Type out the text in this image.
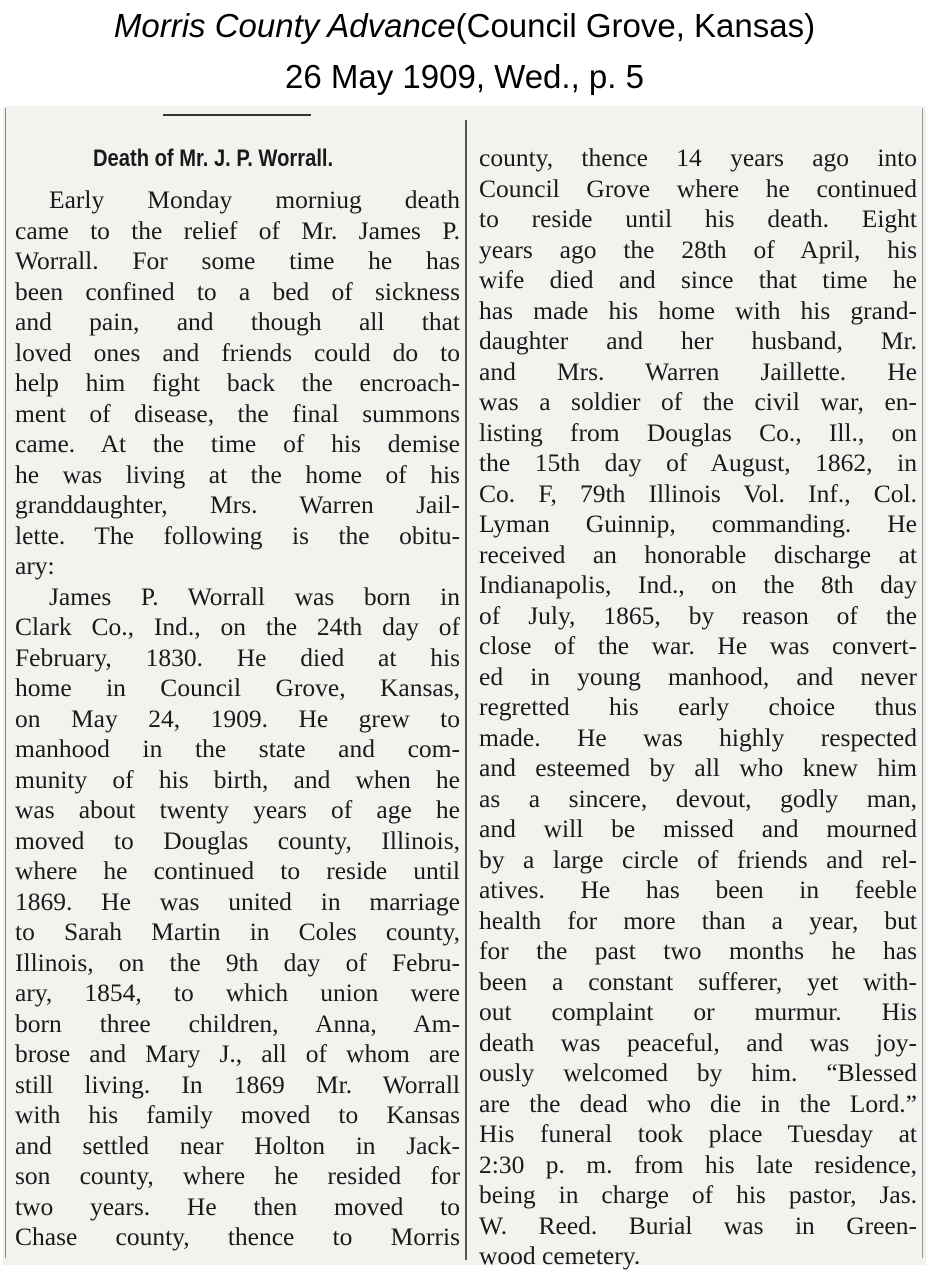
Morris County Advance(Council Grove, Kansas)
26 May 1909, Wed., p. 5
Death of Mr. J. P. Worrall.
Early Monday morniug death
came to the relief of Mr. James P.
Worrall. For some time he has
been confined to a bed of sickness
and pain, and though all that
loved ones and friends could do to
help him fight back the encroach-
ment of disease, the final summons
came. At the time of his demise
he was living at the home of his
granddaughter, Mrs. Warren Jail-
lette. The following is the obitu-
ary:
James P. Worrall was born in
Clark Co., Ind., on the 24th day of
February, 1830. He died at his
home in Council Grove, Kansas,
on May 24, 1909. He grew to
manhood in the state and com-
munity of his birth, and when he
was about twenty years of age he
moved to Douglas county, Illinois,
where he continued to reside until
1869. He was united in marriage
to Sarah Martin in Coles county,
Illinois, on the 9th day of Febru-
ary, 1854, to which union were
born three children, Anna, Am-
brose and Mary J., all of whom are
still living. In 1869 Mr. Worrall
with his family moved to Kansas
and settled near Holton in Jack-
son county, where he resided for
two years. He then moved to
Chase county, thence to Morris
county, thence 14 years ago into
Council Grove where he continued
to reside until his death. Eight
years ago the 28th of April, his
wife died and since that time he
has made his home with his grand-
daughter and her husband, Mr.
and Mrs. Warren Jaillette. He
was a soldier of the civil war, en-
listing from Douglas Co., Ill., on
the 15th day of August, 1862, in
Co. F, 79th Illinois Vol. Inf., Col.
Lyman Guinnip, commanding. He
received an honorable discharge at
Indianapolis, Ind., on the 8th day
of July, 1865, by reason of the
close of the war. He was convert-
ed in young manhood, and never
regretted his early choice thus
made. He was highly respected
and esteemed by all who knew him
as a sincere, devout, godly man,
and will be missed and mourned
by a large circle of friends and rel-
atives. He has been in feeble
health for more than a year, but
for the past two months he has
been a constant sufferer, yet with-
out complaint or murmur. His
death was peaceful, and was joy-
ously welcomed by him. “Blessed
are the dead who die in the Lord.”
His funeral took place Tuesday at
2:30 p. m. from his late residence,
being in charge of his pastor, Jas.
W. Reed. Burial was in Green-
wood cemetery.
